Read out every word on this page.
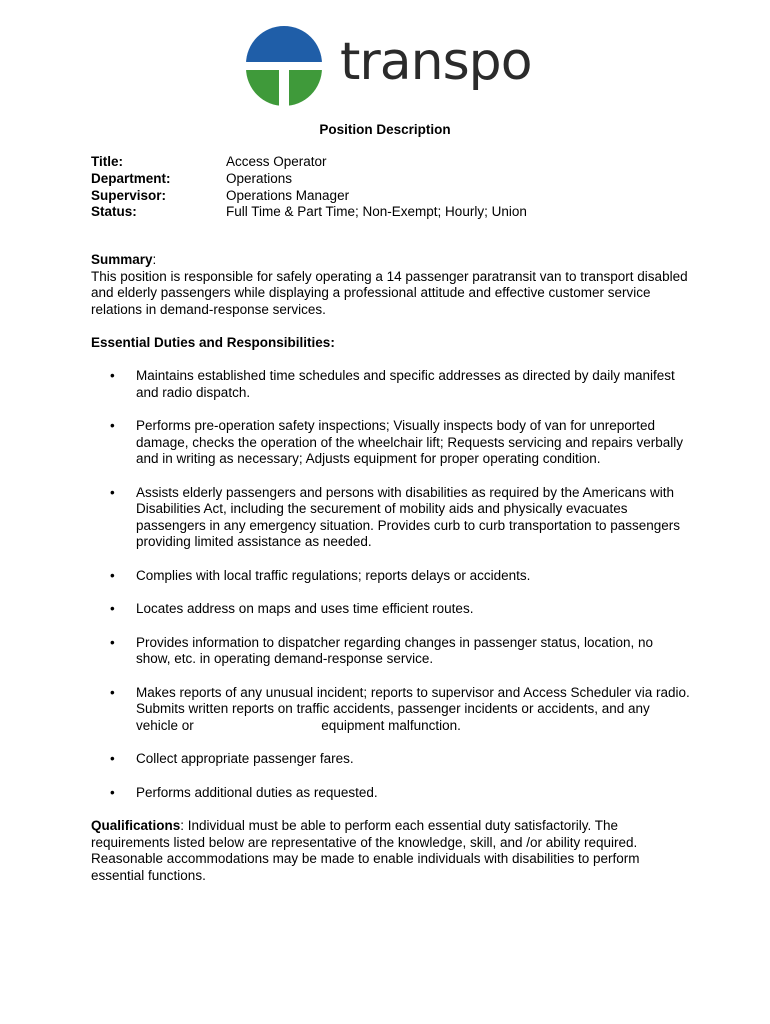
transpo
Position Description
Title:	Access Operator
Department:	Operations
Supervisor:	Operations Manager
Status:	Full Time & Part Time; Non-Exempt; Hourly; Union
Summary:
This position is responsible for safely operating a 14 passenger paratransit van to transport disabled and elderly passengers while displaying a professional attitude and effective customer service relations in demand-response services.
Essential Duties and Responsibilities:
• Maintains established time schedules and specific addresses as directed by daily manifest and radio dispatch.
• Performs pre-operation safety inspections; Visually inspects body of van for unreported damage, checks the operation of the wheelchair lift; Requests servicing and repairs verbally and in writing as necessary; Adjusts equipment for proper operating condition.
• Assists elderly passengers and persons with disabilities as required by the Americans with Disabilities Act, including the securement of mobility aids and physically evacuates passengers in any emergency situation. Provides curb to curb transportation to passengers providing limited assistance as needed.
• Complies with local traffic regulations; reports delays or accidents.
• Locates address on maps and uses time efficient routes.
• Provides information to dispatcher regarding changes in passenger status, location, no show, etc. in operating demand-response service.
• Makes reports of any unusual incident; reports to supervisor and Access Scheduler via radio. Submits written reports on traffic accidents, passenger incidents or accidents, and any vehicle or                                  equipment malfunction.
• Collect appropriate passenger fares.
• Performs additional duties as requested.
Qualifications: Individual must be able to perform each essential duty satisfactorily. The requirements listed below are representative of the knowledge, skill, and /or ability required. Reasonable accommodations may be made to enable individuals with disabilities to perform essential functions.
